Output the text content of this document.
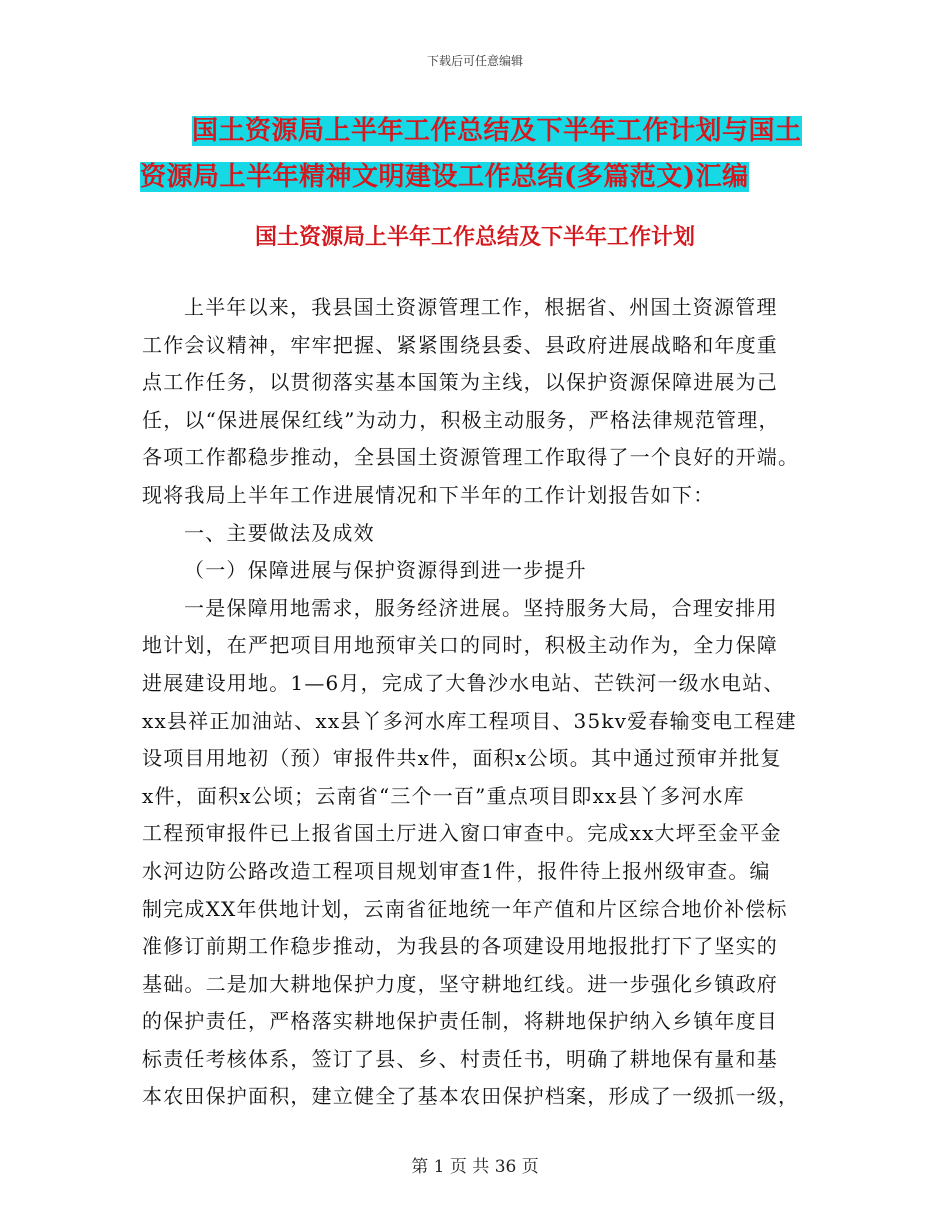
下载后可任意编辑
国土资源局上半年工作总结及下半年工作计划与国土
资源局上半年精神文明建设工作总结(多篇范文)汇编
国土资源局上半年工作总结及下半年工作计划

上半年以来，我县国土资源管理工作，根据省、州国土资源管理

工作会议精神，牢牢把握、紧紧围绕县委、县政府进展战略和年度重

点工作任务，以贯彻落实基本国策为主线，以保护资源保障进展为己

任，以“保进展保红线”为动力，积极主动服务，严格法律规范管理，

各项工作都稳步推动，全县国土资源管理工作取得了一个良好的开端。

现将我局上半年工作进展情况和下半年的工作计划报告如下：

一、主要做法及成效

（一）保障进展与保护资源得到进一步提升

一是保障用地需求，服务经济进展。坚持服务大局，合理安排用

地计划，在严把项目用地预审关口的同时，积极主动作为，全力保障

进展建设用地。1—6月，完成了大鲁沙水电站、芒铁河一级水电站、

xx县祥正加油站、xx县丫多河水库工程项目、35kv爱春输变电工程建

设项目用地初（预）审报件共x件，面积x公顷。其中通过预审并批复

x件，面积x公顷；云南省“三个一百”重点项目即xx县丫多河水库

工程预审报件已上报省国土厅进入窗口审查中。完成xx大坪至金平金

水河边防公路改造工程项目规划审查1件，报件待上报州级审查。编

制完成XX年供地计划，云南省征地统一年产值和片区综合地价补偿标

准修订前期工作稳步推动，为我县的各项建设用地报批打下了坚实的

基础。二是加大耕地保护力度，坚守耕地红线。进一步强化乡镇政府

的保护责任，严格落实耕地保护责任制，将耕地保护纳入乡镇年度目

标责任考核体系，签订了县、乡、村责任书，明确了耕地保有量和基

本农田保护面积，建立健全了基本农田保护档案，形成了一级抓一级，

第 1 页 共 36 页
